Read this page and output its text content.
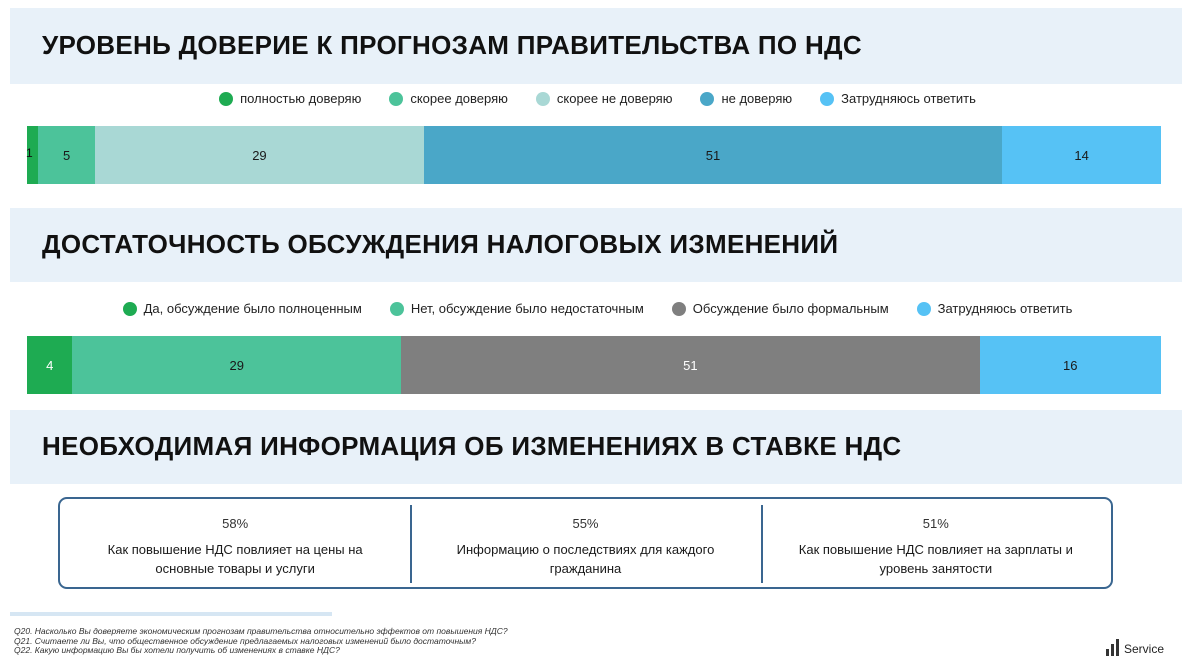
УРОВЕНЬ ДОВЕРИЕ К ПРОГНОЗАМ ПРАВИТЕЛЬСТВА ПО НДС
полностью доверяю	скорее доверяю	скорее не доверяю	не доверяю	Затрудняюсь ответить
5	29	51	14
ДОСТАТОЧНОСТЬ ОБСУЖДЕНИЯ НАЛОГОВЫХ ИЗМЕНЕНИЙ
Да, обсуждение было полноценным	Нет, обсуждение было недостаточным	Обсуждение было формальным	Затрудняюсь ответить
4	29	51	16
НЕОБХОДИМАЯ ИНФОРМАЦИЯ ОБ ИЗМЕНЕНИЯХ В СТАВКЕ НДС
58%
Как повышение НДС повлияет на цены на основные товары и услуги
55%
Информацию о последствиях для каждого гражданина
51%
Как повышение НДС повлияет на зарплаты и уровень занятости
Q20. Насколько Вы доверяете экономическим прогнозам правительства относительно эффектов от повышения НДС?
Q21. Считаете ли Вы, что общественное обсуждение предлагаемых налоговых изменений было достаточным?
Q22. Какую информацию Вы бы хотели получить об изменениях в ставке НДС?	Service
1
